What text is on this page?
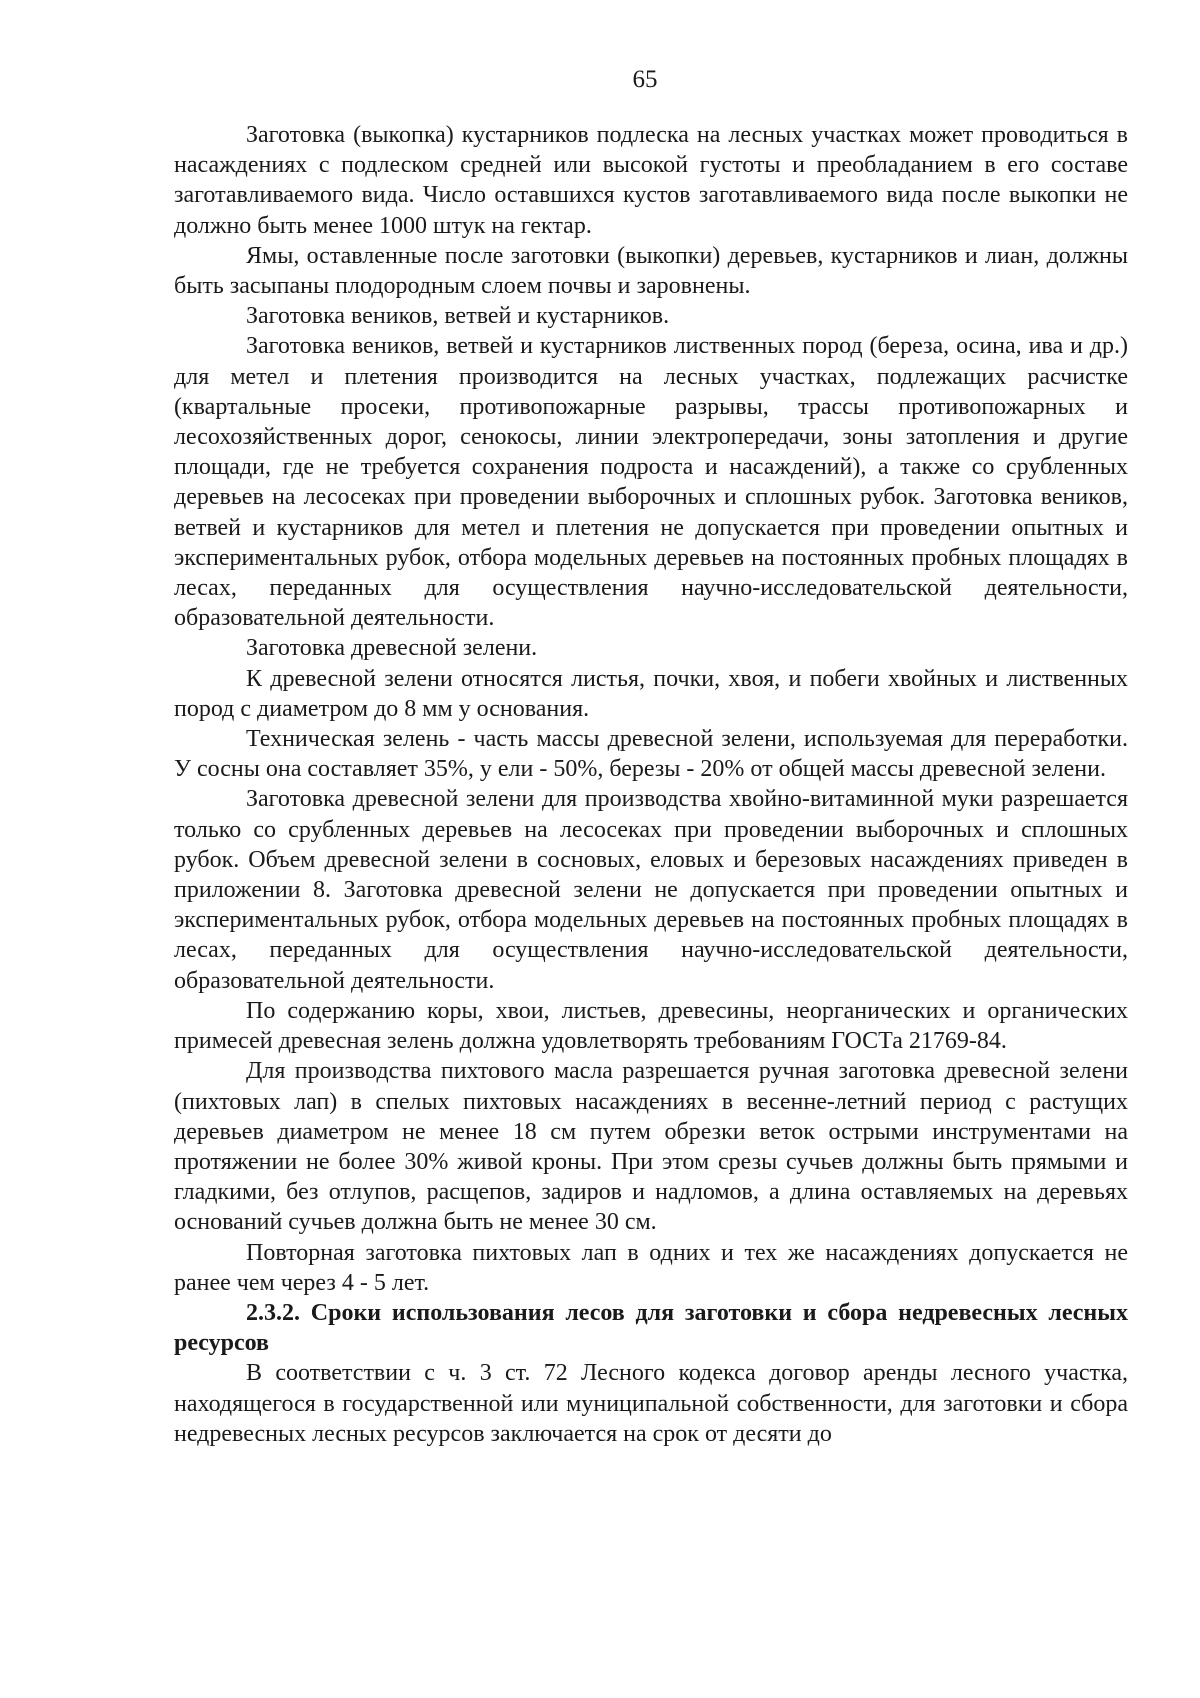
65

Заготовка (выкопка) кустарников подлеска на лесных участках может проводиться в насаждениях с подлеском средней или высокой густоты и преобладанием в его составе заготавливаемого вида. Число оставшихся кустов заготавливаемого вида после выкопки не должно быть менее 1000 штук на гектар.

Ямы, оставленные после заготовки (выкопки) деревьев, кустарников и лиан, должны быть засыпаны плодородным слоем почвы и заровнены.

Заготовка веников, ветвей и кустарников.

Заготовка веников, ветвей и кустарников лиственных пород (береза, осина, ива и др.) для метел и плетения производится на лесных участках, подлежащих расчистке (квартальные просеки, противопожарные разрывы, трассы противопожарных и лесохозяйственных дорог, сенокосы, линии электропередачи, зоны затопления и другие площади, где не требуется сохранения подроста и насаждений), а также со срубленных деревьев на лесосеках при проведении выборочных и сплошных рубок. Заготовка веников, ветвей и кустарников для метел и плетения не допускается при проведении опытных и экспериментальных рубок, отбора модельных деревьев на постоянных пробных площадях в лесах, переданных для осуществления научно-исследовательской деятельности, образовательной деятельности.

Заготовка древесной зелени.

К древесной зелени относятся листья, почки, хвоя, и побеги хвойных и лиственных пород с диаметром до 8 мм у основания.

Техническая зелень - часть массы древесной зелени, используемая для переработки. У сосны она составляет 35%, у ели - 50%, березы - 20% от общей массы древесной зелени.

Заготовка древесной зелени для производства хвойно-витаминной муки разрешается только со срубленных деревьев на лесосеках при проведении выборочных и сплошных рубок. Объем древесной зелени в сосновых, еловых и березовых насаждениях приведен в приложении 8. Заготовка древесной зелени не допускается при проведении опытных и экспериментальных рубок, отбора модельных деревьев на постоянных пробных площадях в лесах, переданных для осуществления научно-исследовательской деятельности, образовательной деятельности.

По содержанию коры, хвои, листьев, древесины, неорганических и органических примесей древесная зелень должна удовлетворять требованиям ГОСТа 21769-84.

Для производства пихтового масла разрешается ручная заготовка древесной зелени (пихтовых лап) в спелых пихтовых насаждениях в весенне-летний период с растущих деревьев диаметром не менее 18 см путем обрезки веток острыми инструментами на протяжении не более 30% живой кроны. При этом срезы сучьев должны быть прямыми и гладкими, без отлупов, расщепов, задиров и надломов, а длина оставляемых на деревьях оснований сучьев должна быть не менее 30 см.

Повторная заготовка пихтовых лап в одних и тех же насаждениях допускается не ранее чем через 4 - 5 лет.

2.3.2. Сроки использования лесов для заготовки и сбора недревесных лесных ресурсов

В соответствии с ч. 3 ст. 72 Лесного кодекса договор аренды лесного участка, находящегося в государственной или муниципальной собственности, для заготовки и сбора недревесных лесных ресурсов заключается на срок от десяти до
